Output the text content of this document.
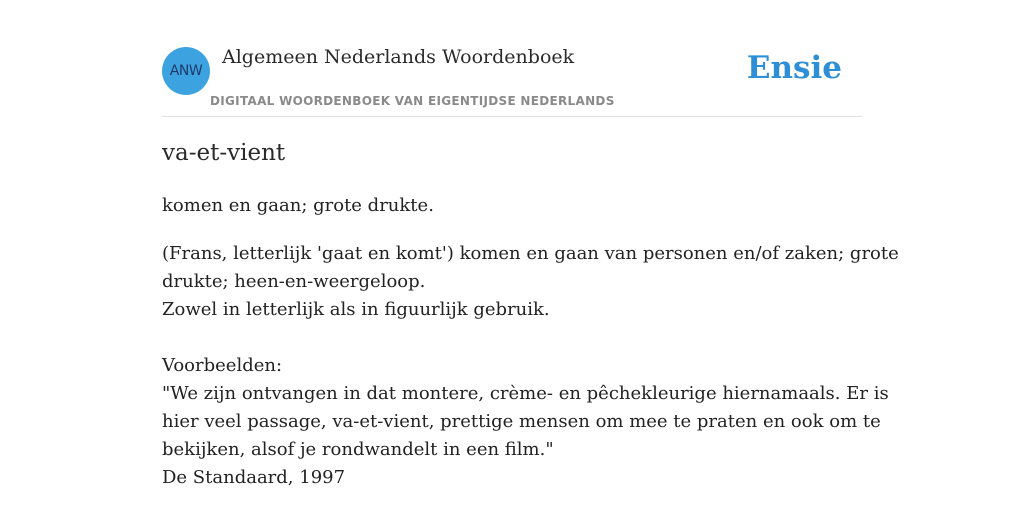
ANW
Algemeen Nederlands Woordenboek
DIGITAAL WOORDENBOEK VAN EIGENTIJDSE NEDERLANDS
Ensie
va-et-vient

komen en gaan; grote drukte.

(Frans, letterlijk 'gaat en komt') komen en gaan van personen en/of zaken; grote
drukte; heen-en-weergeloop.
Zowel in letterlijk als in figuurlijk gebruik.
Voorbeelden:
"We zijn ontvangen in dat montere, crème- en pêchekleurige hiernamaals. Er is
hier veel passage, va-et-vient, prettige mensen om mee te praten en ook om te
bekijken, alsof je rondwandelt in een film."
De Standaard, 1997
